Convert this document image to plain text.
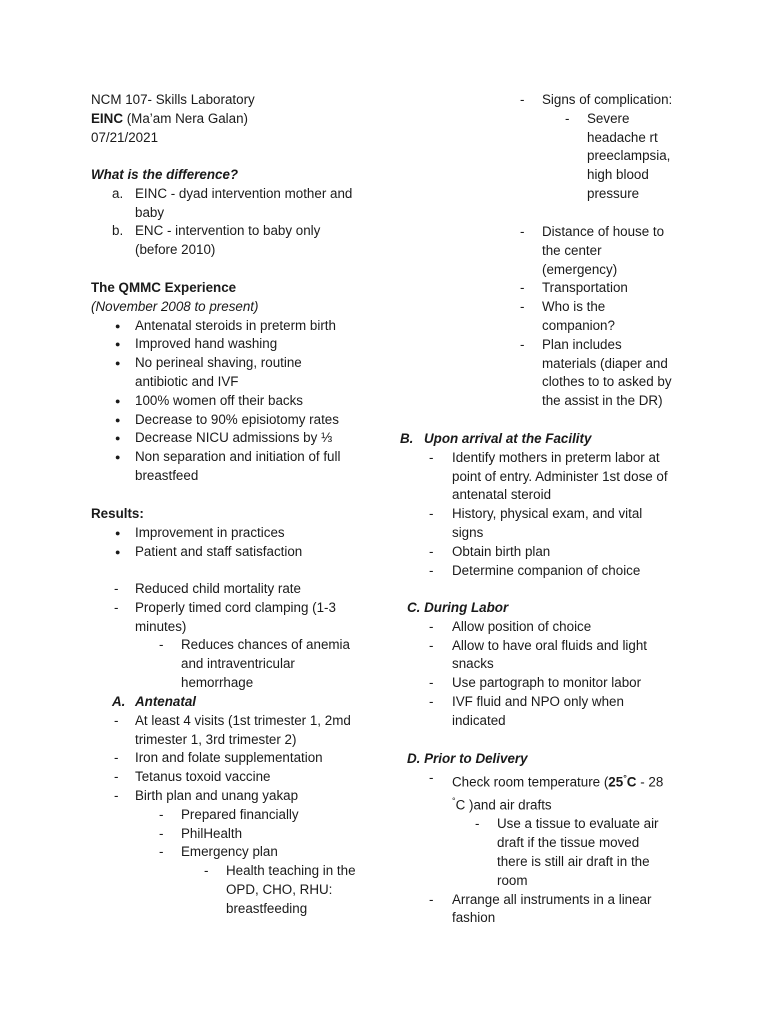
NCM 107- Skills Laboratory
EINC (Ma’am Nera Galan)
07/21/2021
What is the difference?
a. EINC - dyad intervention mother and
baby
b. ENC - intervention to baby only
(before 2010)
The QMMC Experience
(November 2008 to present)
●
Antenatal steroids in preterm birth
●
Improved hand washing
●
No perineal shaving, routine
antibiotic and IVF
●
100% women off their backs
●
Decrease to 90% episiotomy rates
●
Decrease NICU admissions by ⅓
●
Non separation and initiation of full
breastfeed
Results:
●
Improvement in practices
●
Patient and staff satisfaction
-
Reduced child mortality rate
-
Properly timed cord clamping (1-3
minutes)
-
Reduces chances of anemia
and intraventricular
hemorrhage
A. Antenatal
-
At least 4 visits (1st trimester 1, 2md
trimester 1, 3rd trimester 2)
-
Iron and folate supplementation
-
Tetanus toxoid vaccine
-
Birth plan and unang yakap
-
Prepared financially
-
PhilHealth
-
Emergency plan
-
Health teaching in the
OPD, CHO, RHU:
breastfeeding
-
Signs of complication:
-
Severe
headache rt
preeclampsia,
high blood
pressure
-
Distance of house to
the center
(emergency)
-
Transportation
-
Who is the
companion?
-
Plan includes
materials (diaper and
clothes to to asked by
the assist in the DR)
B. Upon arrival at the Facility
-
Identify mothers in preterm labor at
point of entry. Administer 1st dose of
antenatal steroid
-
History, physical exam, and vital
signs
-
Obtain birth plan
-
Determine companion of choice
C. During Labor
-
Allow position of choice
-
Allow to have oral fluids and light
snacks
-
Use partograph to monitor labor
-
IVF fluid and NPO only when
indicated
D. Prior to Delivery
-
Check room temperature (25°C - 28
°C )and air drafts
-
Use a tissue to evaluate air
draft if the tissue moved
there is still air draft in the
room
-
Arrange all instruments in a linear
fashion
